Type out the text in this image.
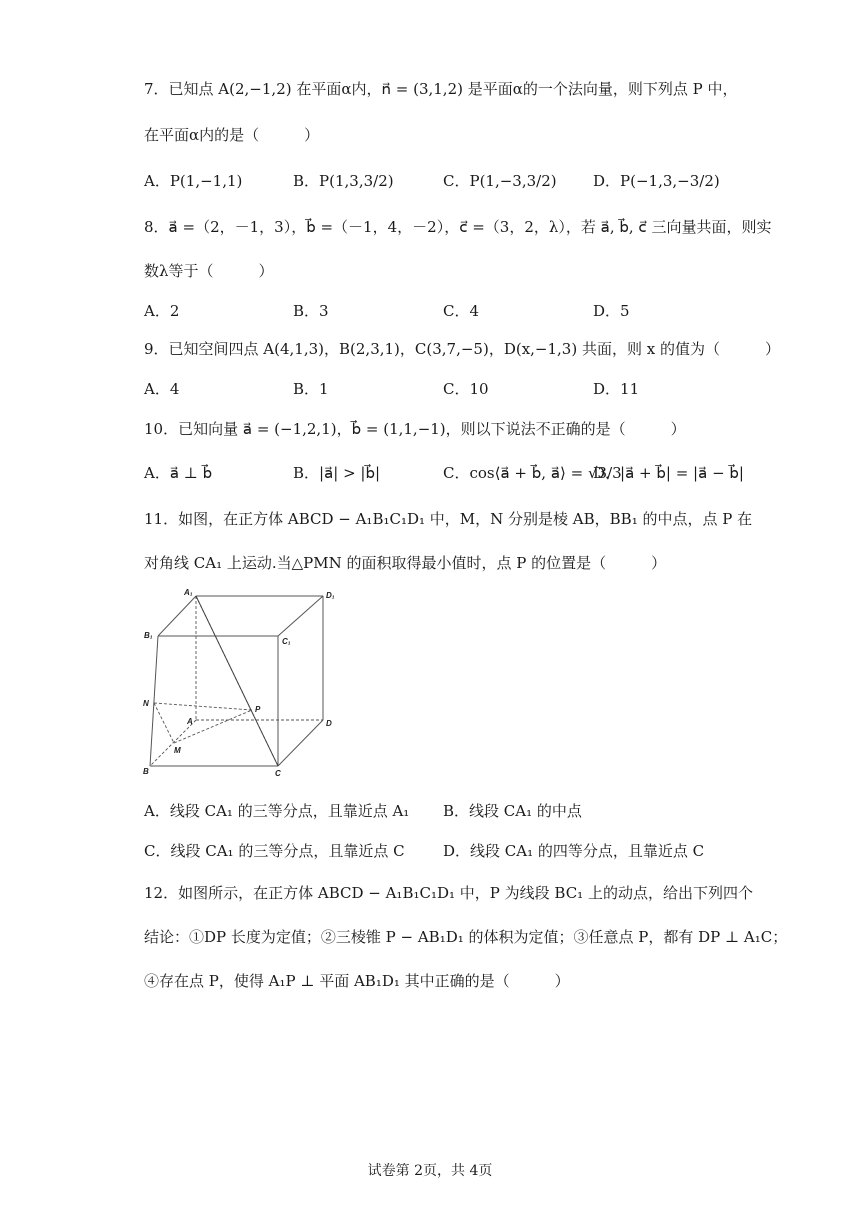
7．已知点 A(2,−1,2) 在平面α内，n⃗ = (3,1,2) 是平面α的一个法向量，则下列点 P 中，
在平面α内的是（　　　）
A．P(1,−1,1)	B．P(1,3,3/2)	C．P(1,−3,3/2) D．P(−1,3,−3/2)
8．a⃗ =（2，－1，3），b⃗ =（－1，4，－2），c⃗ =（3，2，λ），若 a⃗, b⃗, c⃗ 三向量共面，则实
数λ等于（　　　）
A．2	B．3	C．4	D．5
9．已知空间四点 A(4,1,3)，B(2,3,1)，C(3,7,−5)，D(x,−1,3) 共面，则 x 的值为（　　　）
A．4	B．1	C．10	D．11
10．已知向量 a⃗ = (−1,2,1)，b⃗ = (1,1,−1)，则以下说法不正确的是（　　　）
A．a⃗ ⊥ b⃗	B．|a⃗| > |b⃗|	C．cos⟨a⃗ + b⃗, a⃗⟩ = √3/3
D．|a⃗ + b⃗| = |a⃗ − b⃗|
11．如图，在正方体 ABCD − A₁B₁C₁D₁ 中，M，N 分别是棱 AB，BB₁ 的中点，点 P 在
对角线 CA₁ 上运动.当△PMN 的面积取得最小值时，点 P 的位置是（　　　）
A₁	D₁
B₁
C₁
N
A
P
D
M
B	C
A．线段 CA₁ 的三等分点，且靠近点 A₁ B．线段 CA₁ 的中点
C．线段 CA₁ 的三等分点，且靠近点 C	D．线段 CA₁ 的四等分点，且靠近点 C
12．如图所示，在正方体 ABCD − A₁B₁C₁D₁ 中，P 为线段 BC₁ 上的动点，给出下列四个
结论：①DP 长度为定值；②三棱锥 P − AB₁D₁ 的体积为定值；③任意点 P，都有 DP ⊥ A₁C；
④存在点 P，使得 A₁P ⊥ 平面 AB₁D₁ 其中正确的是（　　　）
试卷第 2页，共 4页
